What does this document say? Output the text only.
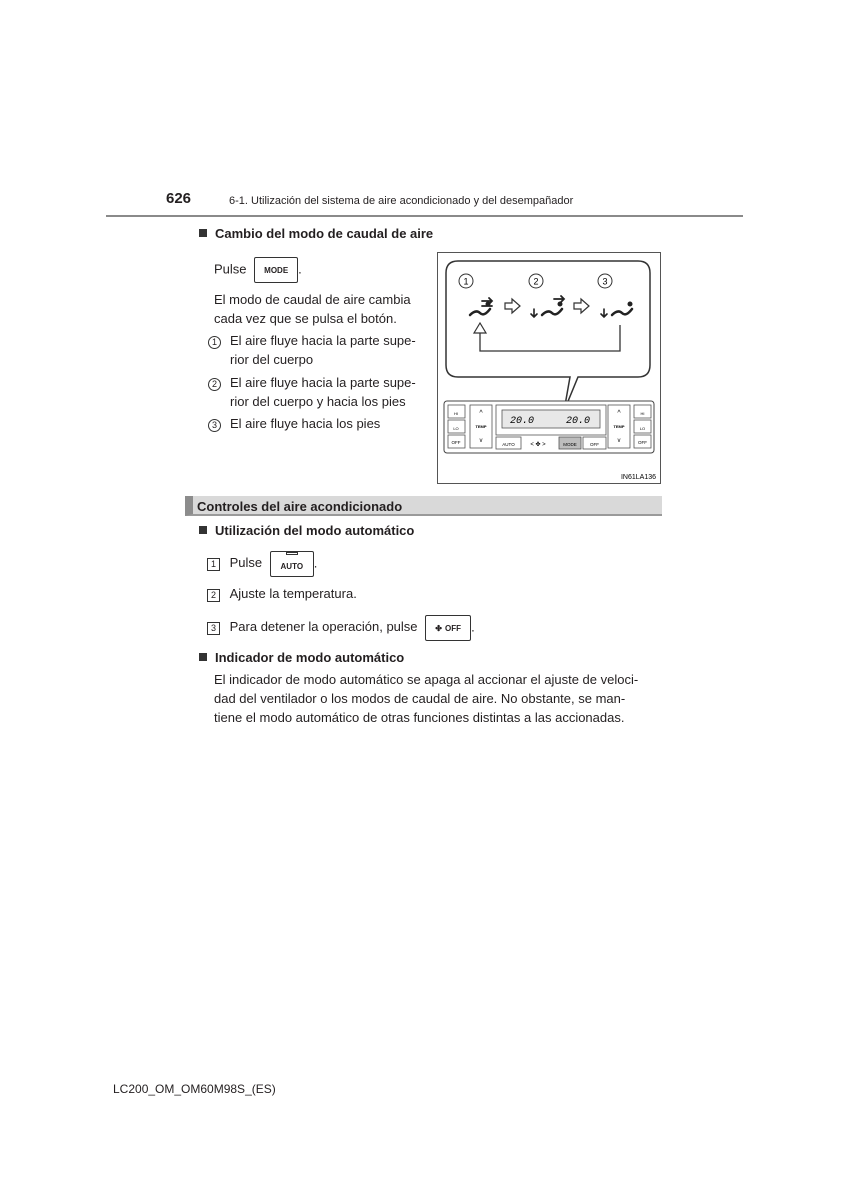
626	6-1. Utilización del sistema de aire acondicionado y del desempañador
Cambio del modo de caudal de aire
Pulse MODE .
El modo de caudal de aire cambia
cada vez que se pulsa el botón.
1 El aire fluye hacia la parte supe-
rior del cuerpo
2 El aire fluye hacia la parte supe-
rior del cuerpo y hacia los pies
3 El aire fluye hacia los pies
1	2	3
HI
LO
OFF
^
TEMP
v
20.0	20.0
AUTO	< ✤ >	MODE	OFF
^
TEMP
v
HI
LO
OFF
IN61LA136
Controles del aire acondicionado
Utilización del modo automático
1 Pulse AUTO .
2 Ajuste la temperatura.
3 Para detener la operación, pulse ✤ OFF .
Indicador de modo automático
El indicador de modo automático se apaga al accionar el ajuste de veloci-
dad del ventilador o los modos de caudal de aire. No obstante, se man-
tiene el modo automático de otras funciones distintas a las accionadas.
LC200_OM_OM60M98S_(ES)
